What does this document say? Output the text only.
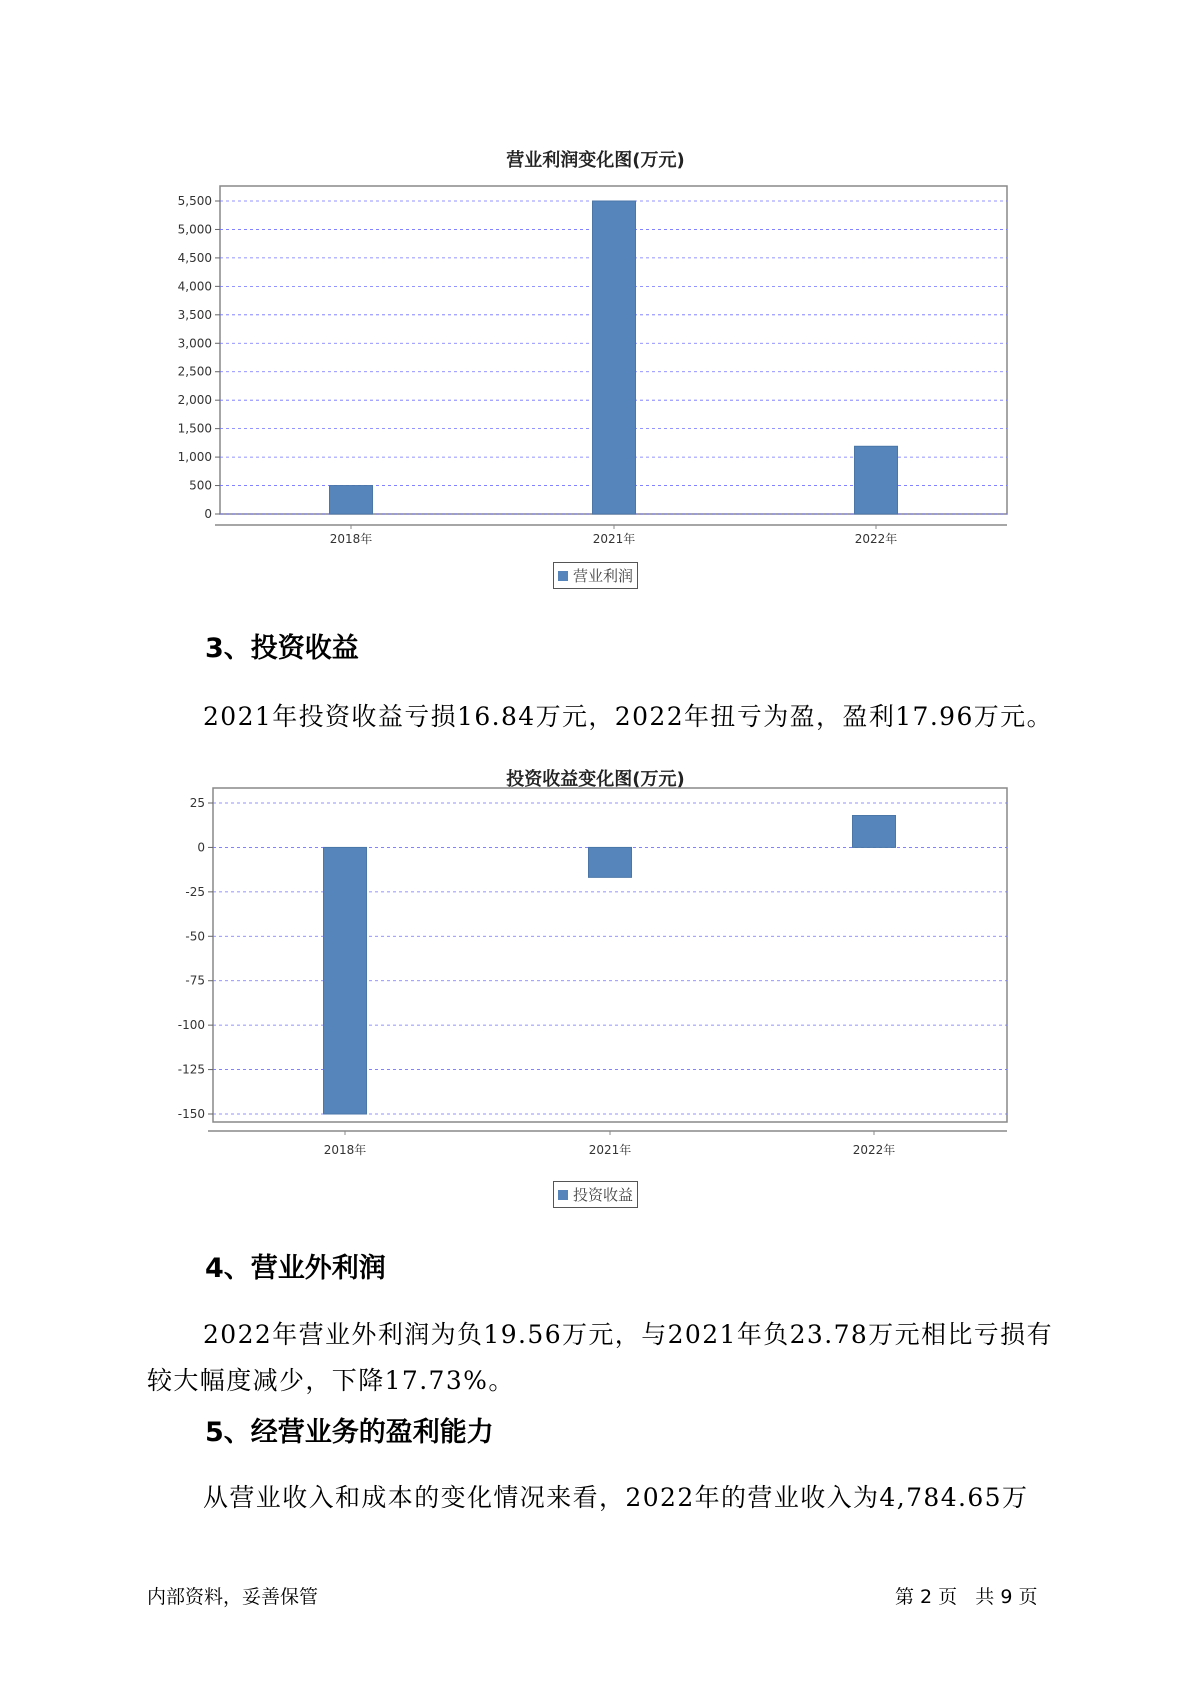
营业利润变化图(万元)
0
500
1,000
1,500
2,000
2,500
3,000
3,500
4,000
4,500
5,000
5,500
2018年	2021年	2022年
营业利润
3、投资收益
2021年投资收益亏损16.84万元，2022年扭亏为盈，盈利17.96万元。
投资收益变化图(万元)
25
0
-25
-50
-75
-100
-125
-150
2018年	2021年	2022年
投资收益
4、营业外利润
2022年营业外利润为负19.56万元，与2021年负23.78万元相比亏损有
较大幅度减少，下降17.73%。
5、经营业务的盈利能力
从营业收入和成本的变化情况来看，2022年的营业收入为4,784.65万
内部资料，妥善保管	第 2 页   共 9 页
